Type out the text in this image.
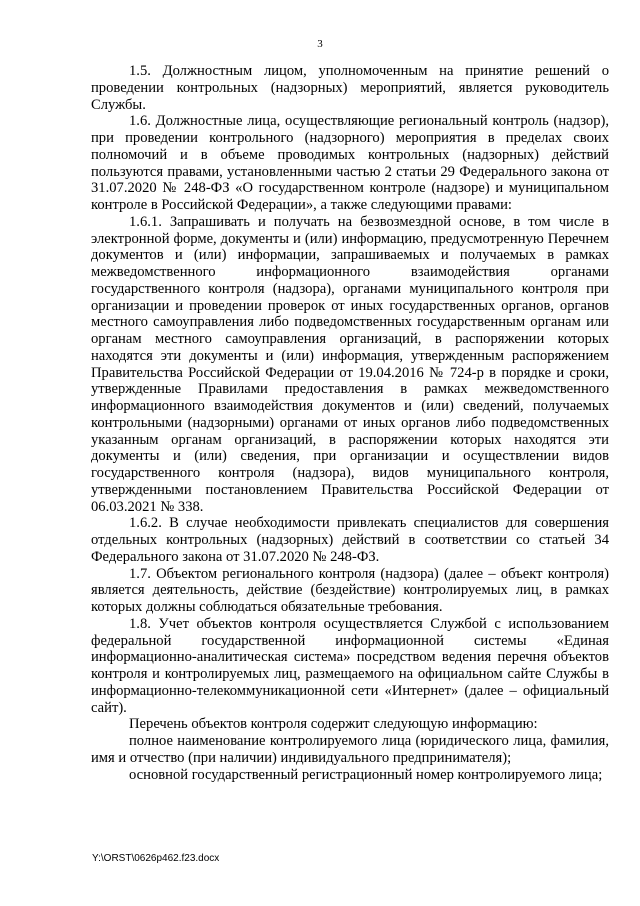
3

1.5. Должностным лицом, уполномоченным на принятие решений о проведении контрольных (надзорных) мероприятий, является руководитель Службы.

1.6. Должностные лица, осуществляющие региональный контроль (надзор), при проведении контрольного (надзорного) мероприятия в пределах своих полномочий и в объеме проводимых контрольных (надзорных) действий пользуются правами, установленными частью 2 статьи 29 Федерального закона от 31.07.2020 № 248-ФЗ «О государственном контроле (надзоре) и муниципальном контроле в Российской Федерации», а также следующими правами:

1.6.1. Запрашивать и получать на безвозмездной основе, в том числе в электронной форме, документы и (или) информацию, предусмотренную Перечнем документов и (или) информации, запрашиваемых и получаемых в рамках межведомственного информационного взаимодействия органами государственного контроля (надзора), органами муниципального контроля при организации и проведении проверок от иных государственных органов, органов местного самоуправления либо подведомственных государственным органам или органам местного самоуправления организаций, в распоряжении которых находятся эти документы и (или) информация, утвержденным распоряжением Правительства Российской Федерации от 19.04.2016 № 724-р в порядке и сроки, утвержденные Правилами предоставления в рамках межведомственного информационного взаимодействия документов и (или) сведений, получаемых контрольными (надзорными) органами от иных органов либо подведомственных указанным органам организаций, в распоряжении которых находятся эти документы и (или) сведения, при организации и осуществлении видов государственного контроля (надзора), видов муниципального контроля, утвержденными постановлением Правительства Российской Федерации от 06.03.2021 № 338.

1.6.2. В случае необходимости привлекать специалистов для совершения отдельных контрольных (надзорных) действий в соответствии со статьей 34 Федерального закона от 31.07.2020 № 248-ФЗ.

1.7. Объектом регионального контроля (надзора) (далее – объект контроля) является деятельность, действие (бездействие) контролируемых лиц, в рамках которых должны соблюдаться обязательные требования.

1.8. Учет объектов контроля осуществляется Службой с использованием федеральной государственной информационной системы «Единая информационно-аналитическая система» посредством ведения перечня объектов контроля и контролируемых лиц, размещаемого на официальном сайте Службы в информационно-телекоммуникационной сети «Интернет» (далее – официальный сайт).

Перечень объектов контроля содержит следующую информацию:

полное наименование контролируемого лица (юридического лица, фамилия, имя и отчество (при наличии) индивидуального предпринимателя);

основной государственный регистрационный номер контролируемого лица;

Y:\ORST\0626p462.f23.docx
